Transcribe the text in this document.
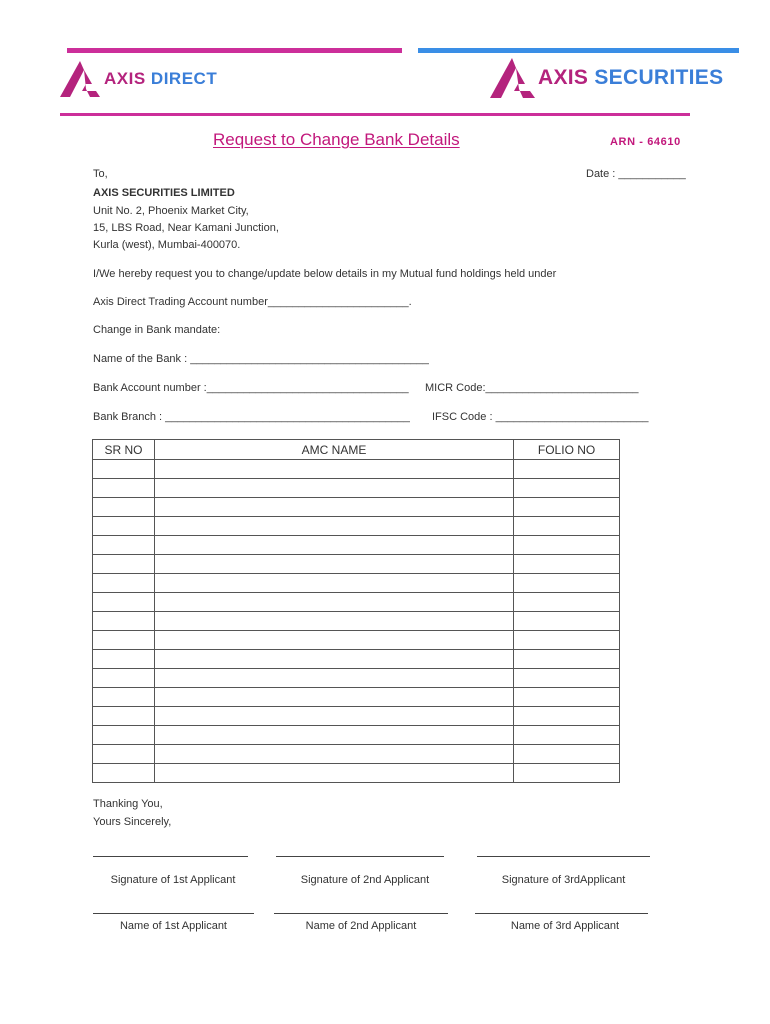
AXIS DIRECT	AXIS SECURITIES
Request to Change Bank Details	ARN - 64610
To,	Date : ___________
AXIS SECURITIES LIMITED
Unit No. 2, Phoenix Market City,
15, LBS Road, Near Kamani Junction,
Kurla (west), Mumbai-400070.
I/We hereby request you to change/update below details in my Mutual fund holdings held under
Axis Direct Trading Account number_______________________.
Change in Bank mandate:
Name of the Bank : _______________________________________
Bank Account number :_________________________________ MICR Code:_________________________
Bank Branch : ________________________________________ IFSC Code : _________________________
SR NO	AMC NAME	FOLIO NO

Thanking You,
Yours Sincerely,
Signature of 1st Applicant	Signature of 2nd Applicant	Signature of 3rdApplicant
Name of 1st Applicant	Name of 2nd Applicant	Name of 3rd Applicant
